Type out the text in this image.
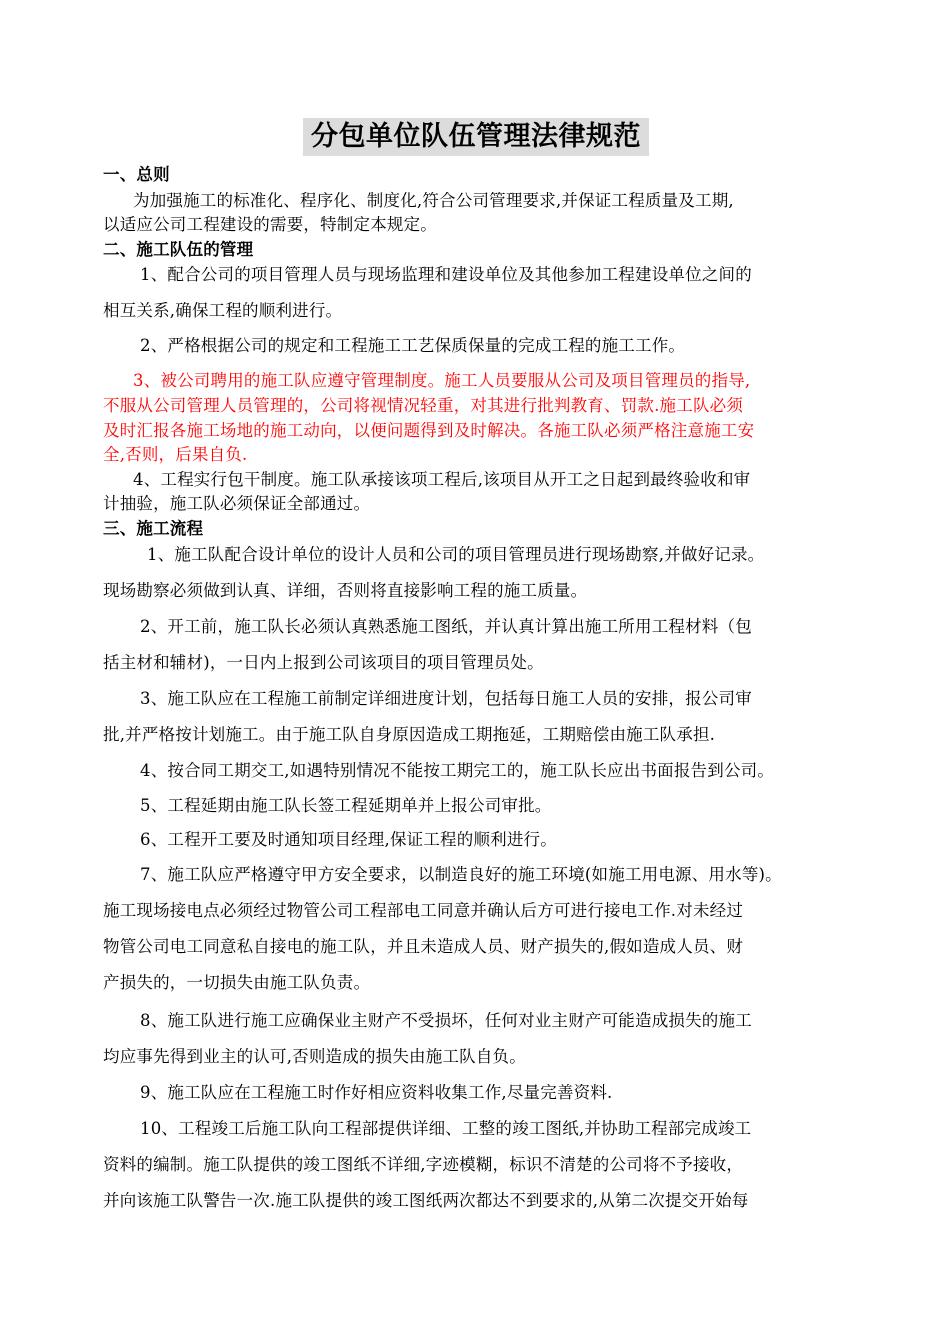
分包单位队伍管理法律规范
一、总则
为加强施工的标准化、程序化、制度化,符合公司管理要求,并保证工程质量及工期,
以适应公司工程建设的需要，特制定本规定。
二、施工队伍的管理
1、配合公司的项目管理人员与现场监理和建设单位及其他参加工程建设单位之间的
相互关系,确保工程的顺利进行。
2、严格根据公司的规定和工程施工工艺保质保量的完成工程的施工工作。
3、被公司聘用的施工队应遵守管理制度。施工人员要服从公司及项目管理员的指导,
不服从公司管理人员管理的，公司将视情况轻重，对其进行批判教育、罚款.施工队必须
及时汇报各施工场地的施工动向，以便问题得到及时解决。各施工队必须严格注意施工安
全,否则，后果自负.
4、工程实行包干制度。施工队承接该项工程后,该项目从开工之日起到最终验收和审
计抽验，施工队必须保证全部通过。
三、施工流程
1、施工队配合设计单位的设计人员和公司的项目管理员进行现场勘察,并做好记录。
现场勘察必须做到认真、详细，否则将直接影响工程的施工质量。
2、开工前，施工队长必须认真熟悉施工图纸，并认真计算出施工所用工程材料（包
括主材和辅材)，一日内上报到公司该项目的项目管理员处。
3、施工队应在工程施工前制定详细进度计划，包括每日施工人员的安排，报公司审
批,并严格按计划施工。由于施工队自身原因造成工期拖延，工期赔偿由施工队承担.
4、按合同工期交工,如遇特别情况不能按工期完工的，施工队长应出书面报告到公司。
5、工程延期由施工队长签工程延期单并上报公司审批。
6、工程开工要及时通知项目经理,保证工程的顺利进行。
7、施工队应严格遵守甲方安全要求，以制造良好的施工环境(如施工用电源、用水等)。
施工现场接电点必须经过物管公司工程部电工同意并确认后方可进行接电工作.对未经过
物管公司电工同意私自接电的施工队，并且未造成人员、财产损失的,假如造成人员、财
产损失的，一切损失由施工队负责。
8、施工队进行施工应确保业主财产不受损坏，任何对业主财产可能造成损失的施工
均应事先得到业主的认可,否则造成的损失由施工队自负。
9、施工队应在工程施工时作好相应资料收集工作,尽量完善资料.
10、工程竣工后施工队向工程部提供详细、工整的竣工图纸,并协助工程部完成竣工
资料的编制。施工队提供的竣工图纸不详细,字迹模糊，标识不清楚的公司将不予接收，
并向该施工队警告一次.施工队提供的竣工图纸两次都达不到要求的,从第二次提交开始每
